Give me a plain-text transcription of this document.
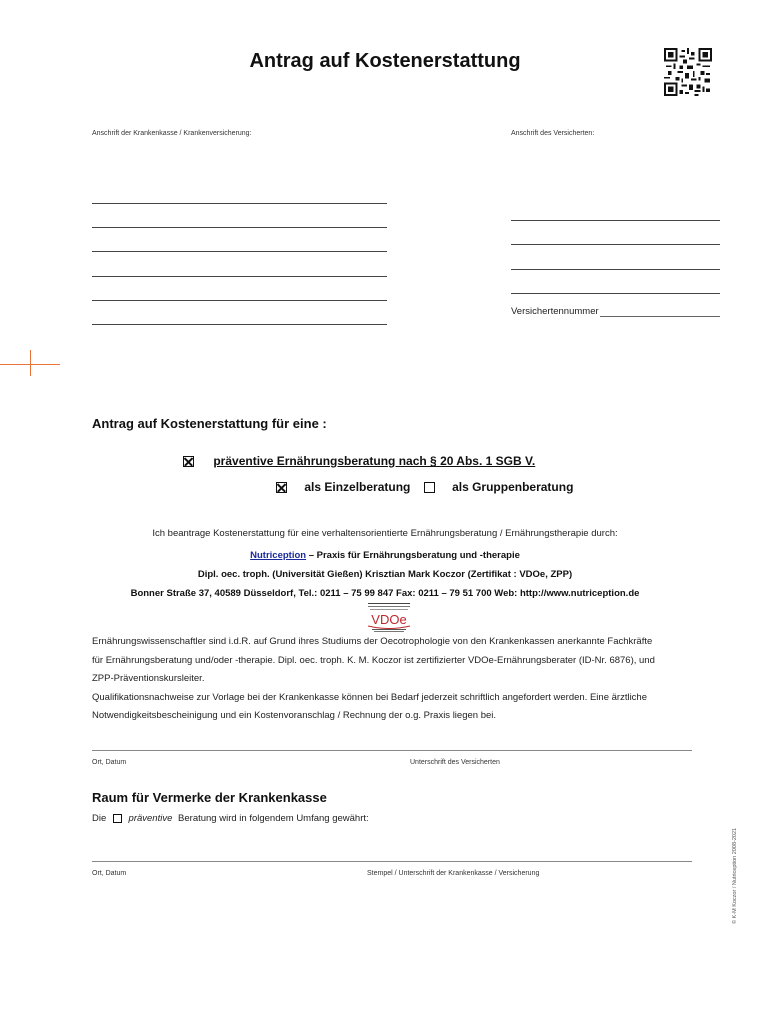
Antrag auf Kostenerstattung
Anschrift der Krankenkasse / Krankenversicherung:	Anschrift des Versicherten:
Versichertennummer
Antrag auf Kostenerstattung für eine :
präventive Ernährungsberatung nach § 20 Abs. 1 SGB V.
als Einzelberatung	als Gruppenberatung
Ich beantrage Kostenerstattung für eine verhaltensorientierte Ernährungsberatung / Ernährungstherapie durch:
Nutriception – Praxis für Ernährungsberatung und -therapie
Dipl. oec. troph. (Universität Gießen) Krisztian Mark Koczor (Zertifikat : VDOe, ZPP)
Bonner Straße 37, 40589 Düsseldorf, Tel.: 0211 – 75 99 847 Fax: 0211 – 79 51 700 Web: http://www.nutriception.de
VDOe
Ernährungswissenschaftler sind i.d.R. auf Grund ihres Studiums der Oecotrophologie von den Krankenkassen anerkannte Fachkräfte
für Ernährungsberatung und/oder -therapie. Dipl. oec. troph. K. M. Koczor ist zertifizierter VDOe-Ernährungsberater (ID-Nr. 6876), und
ZPP-Präventionskursleiter.
Qualifikationsnachweise zur Vorlage bei der Krankenkasse können bei Bedarf jederzeit schriftlich angefordert werden. Eine ärztliche
Notwendigkeitsbescheinigung und ein Kostenvoranschlag / Rechnung der o.g. Praxis liegen bei.
Ort, Datum	Unterschrift des Versicherten
Raum für Vermerke der Krankenkasse
Die präventive Beratung wird in folgendem Umfang gewährt:
Ort, Datum	Stempel / Unterschrift der Krankenkasse / Versicherung	© K-M Koczor / Nutriception 2008-2021
